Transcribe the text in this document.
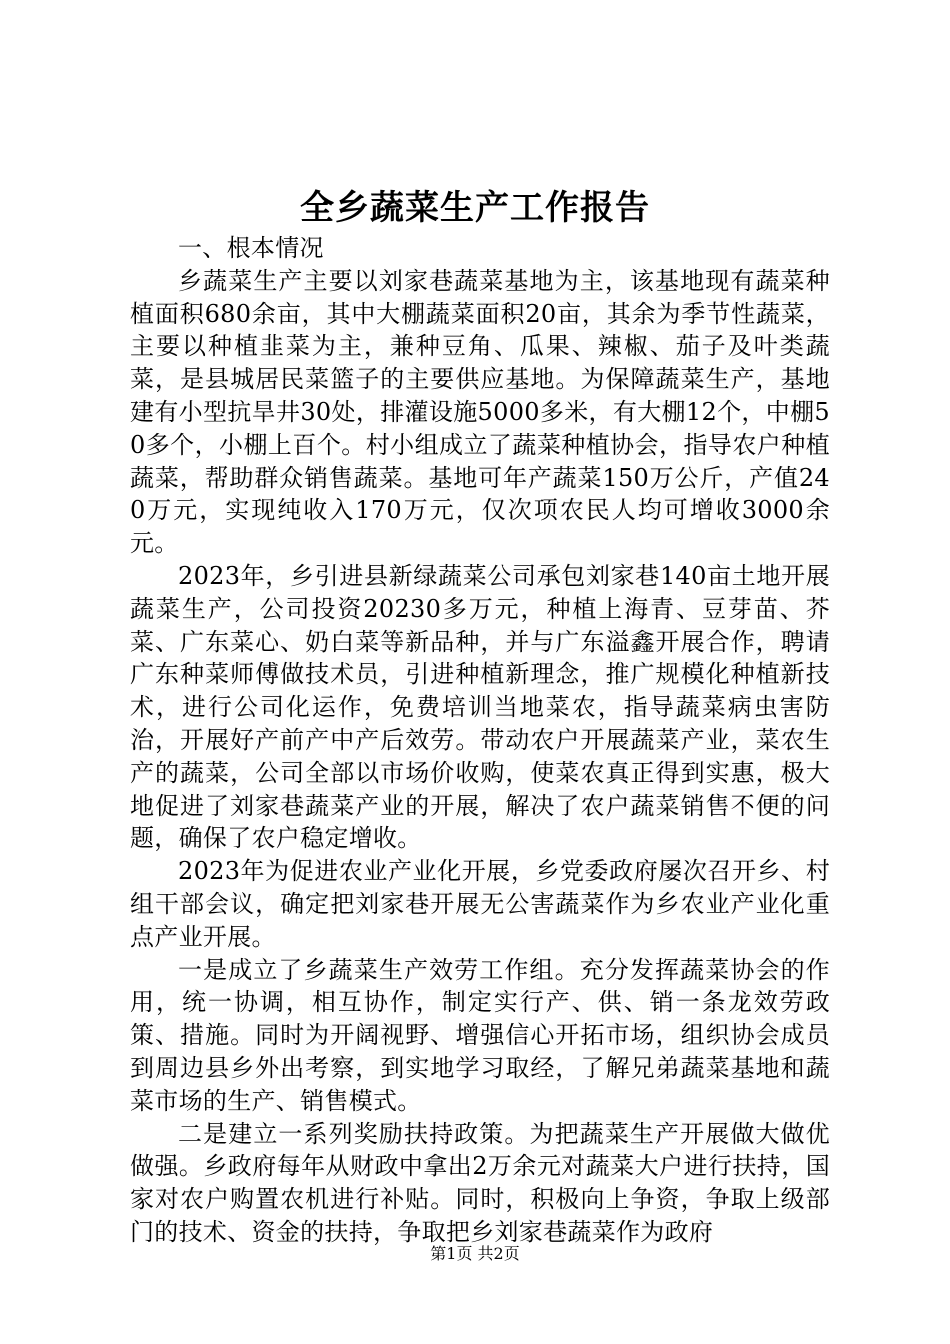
全乡蔬菜生产工作报告

一、根本情况

乡蔬菜生产主要以刘家巷蔬菜基地为主，该基地现有蔬菜种植面积680余亩，其中大棚蔬菜面积20亩，其余为季节性蔬菜，主要以种植韭菜为主，兼种豆角、瓜果、辣椒、茄子及叶类蔬菜，是县城居民菜篮子的主要供应基地。为保障蔬菜生产，基地建有小型抗旱井30处，排灌设施5000多米，有大棚12个，中棚50多个，小棚上百个。村小组成立了蔬菜种植协会，指导农户种植蔬菜，帮助群众销售蔬菜。基地可年产蔬菜150万公斤，产值240万元，实现纯收入170万元，仅次项农民人均可增收3000余元。

2023年，乡引进县新绿蔬菜公司承包刘家巷140亩土地开展蔬菜生产，公司投资20230多万元，种植上海青、豆芽苗、芥菜、广东菜心、奶白菜等新品种，并与广东溢鑫开展合作，聘请广东种菜师傅做技术员，引进种植新理念，推广规模化种植新技术，进行公司化运作，免费培训当地菜农，指导蔬菜病虫害防治，开展好产前产中产后效劳。带动农户开展蔬菜产业，菜农生产的蔬菜，公司全部以市场价收购，使菜农真正得到实惠，极大地促进了刘家巷蔬菜产业的开展，解决了农户蔬菜销售不便的问题，确保了农户稳定增收。

2023年为促进农业产业化开展，乡党委政府屡次召开乡、村组干部会议，确定把刘家巷开展无公害蔬菜作为乡农业产业化重点产业开展。

一是成立了乡蔬菜生产效劳工作组。充分发挥蔬菜协会的作用，统一协调，相互协作，制定实行产、供、销一条龙效劳政策、措施。同时为开阔视野、增强信心开拓市场，组织协会成员到周边县乡外出考察，到实地学习取经，了解兄弟蔬菜基地和蔬菜市场的生产、销售模式。

二是建立一系列奖励扶持政策。为把蔬菜生产开展做大做优做强。乡政府每年从财政中拿出2万余元对蔬菜大户进行扶持，国家对农户购置农机进行补贴。同时，积极向上争资，争取上级部门的技术、资金的扶持，争取把乡刘家巷蔬菜作为政府

第1页 共2页
